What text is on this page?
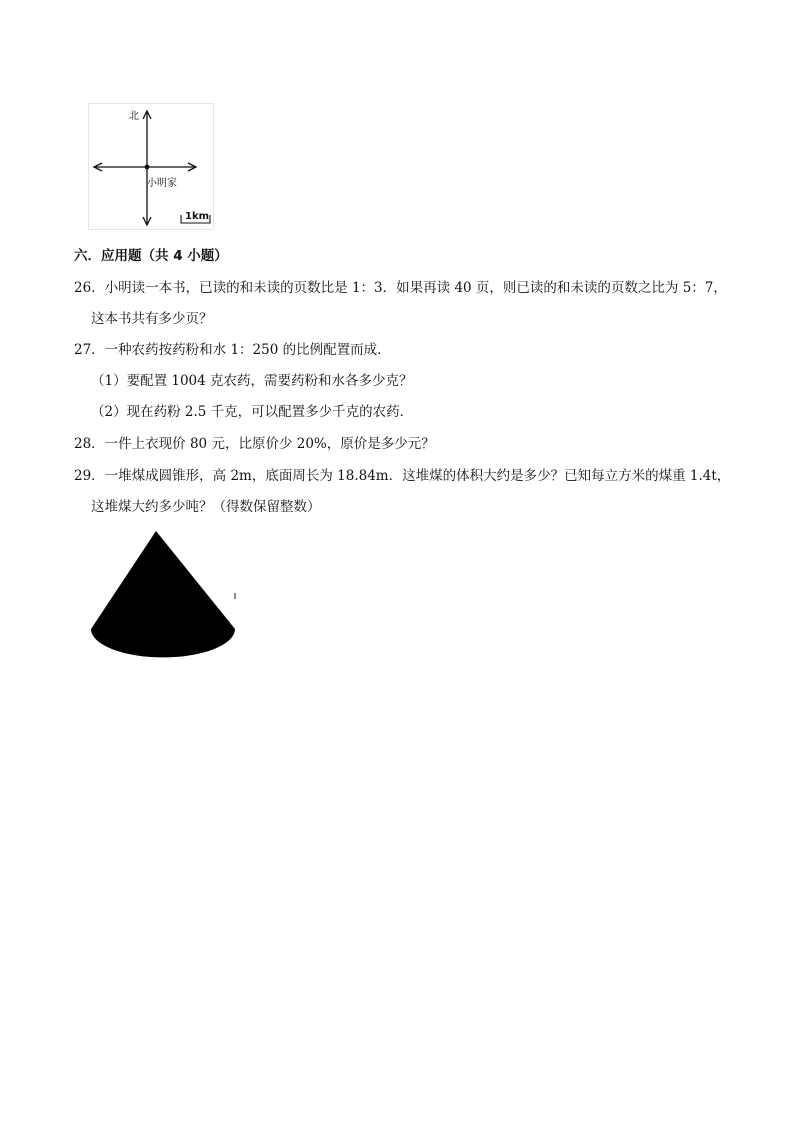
北
小明家
1km
六．应用题（共 4 小题）
26．小明读一本书，已读的和未读的页数比是 1：3．如果再读 40 页，则已读的和未读的页数之比为 5：7，
这本书共有多少页？
27．一种农药按药粉和水 1：250 的比例配置而成．
（1）要配置 1004 克农药，需要药粉和水各多少克？
（2）现在药粉 2.5 千克，可以配置多少千克的农药．
28．一件上衣现价 80 元，比原价少 20%，原价是多少元？
29．一堆煤成圆锥形，高 2m，底面周长为 18.84m．这堆煤的体积大约是多少？已知每立方米的煤重 1.4t，
这堆煤大约多少吨？（得数保留整数）
